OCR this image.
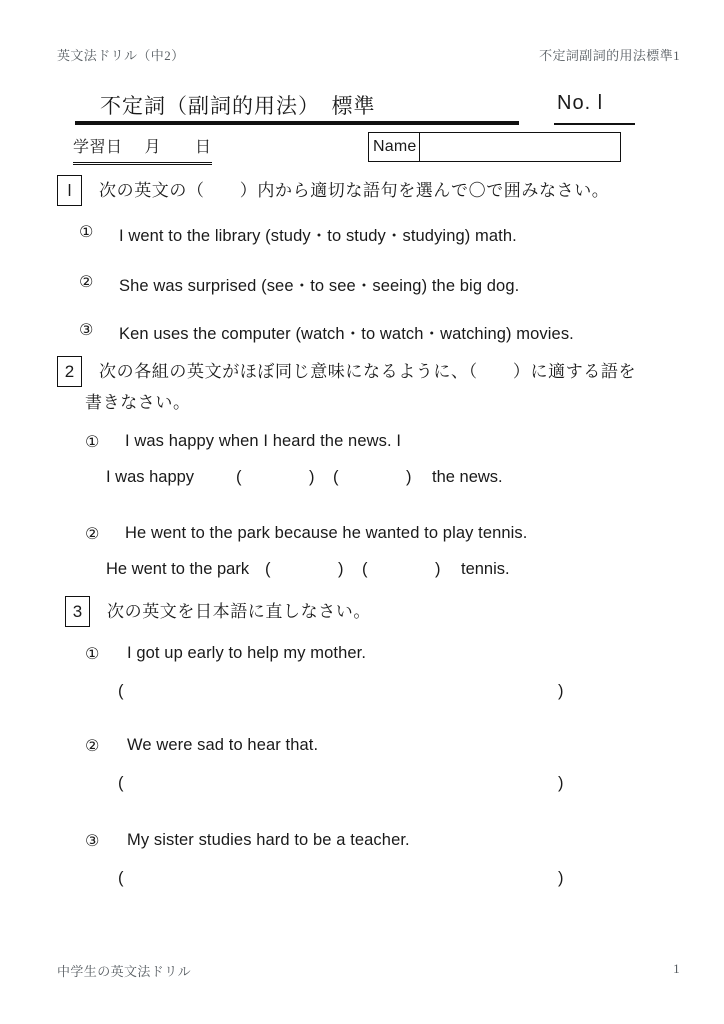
英文法ドリル（中2）	不定詞副詞的用法標準1
不定詞（副詞的用法）　標準	No. l
学習日 月 日	Name
l	次の英文の（　　）内から適切な語句を選んで〇で囲みなさい。
① I went to the library (study・to study・studying) math.
② She was surprised (see・to see・seeing) the big dog.
③ Ken uses the computer (watch・to watch・watching) movies.
2	次の各組の英文がほぼ同じ意味になるように、（　　）に適する語を
書きなさい。
① I was happy when I heard the news. I
I was happy	(	) (	) the news.
② He went to the park because he wanted to play tennis.
He went to the park (	) (	) tennis.
3	次の英文を日本語に直しなさい。
① I got up early to help my mother.
(	)
② We were sad to hear that.
(	)
③ My sister studies hard to be a teacher.
(	)
中学生の英文法ドリル	1
